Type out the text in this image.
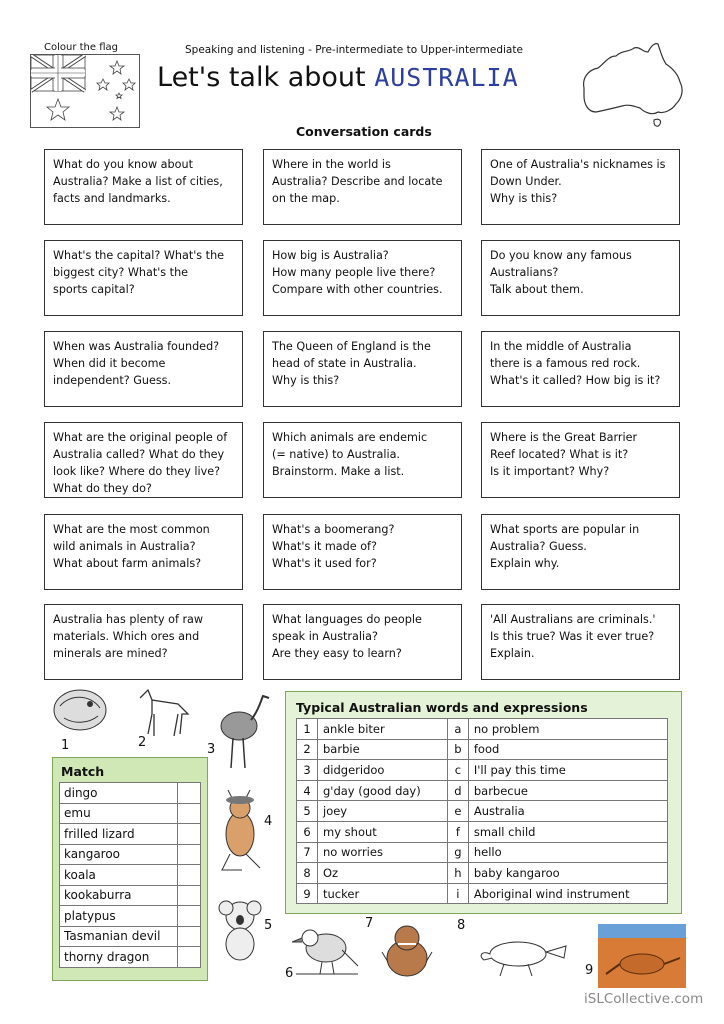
Colour the flag	Speaking and listening - Pre-intermediate to Upper-intermediate
Let's talk about AUSTRALIA
Conversation cards

What do you know about

Australia? Make a list of cities,

facts and landmarks.

Where in the world is

Australia? Describe and locate

on the map.

One of Australia's nicknames is

Down Under.

Why is this?

What's the capital? What's the

biggest city? What's the

sports capital?

How big is Australia?

How many people live there?

Compare with other countries.

Do you know any famous

Australians?

Talk about them.

When was Australia founded?

When did it become

independent? Guess.

The Queen of England is the

head of state in Australia.

Why is this?

In the middle of Australia

there is a famous red rock.

What's it called? How big is it?

What are the original people of

Australia called? What do they

look like? Where do they live?

What do they do?

Which animals are endemic

(= native) to Australia.

Brainstorm. Make a list.

Where is the Great Barrier

Reef located? What is it?

Is it important? Why?

What are the most common

wild animals in Australia?

What about farm animals?

What's a boomerang?

What's it made of?

What's it used for?

What sports are popular in

Australia? Guess.

Explain why.

Australia has plenty of raw

materials. Which ores and

minerals are mined?

What languages do people

speak in Australia?

Are they easy to learn?

'All Australians are criminals.'

Is this true? Was it ever true?

Explain.

1	2	3
4
5
6
7	8
9
Match
dingo	
emu	
frilled lizard	
kangaroo	
koala	
kookaburra	
platypus	
Tasmanian devil	
thorny dragon	
Typical Australian words and expressions
1	ankle biter	a	no problem
2	barbie	b	food
3	didgeridoo	c	I'll pay this time
4	g'day (good day)	d	barbecue
5	joey	e	Australia
6	my shout	f	small child
7	no worries	g	hello
8	Oz	h	baby kangaroo
9	tucker	i	Aboriginal wind instrument
iSLCollective.com
